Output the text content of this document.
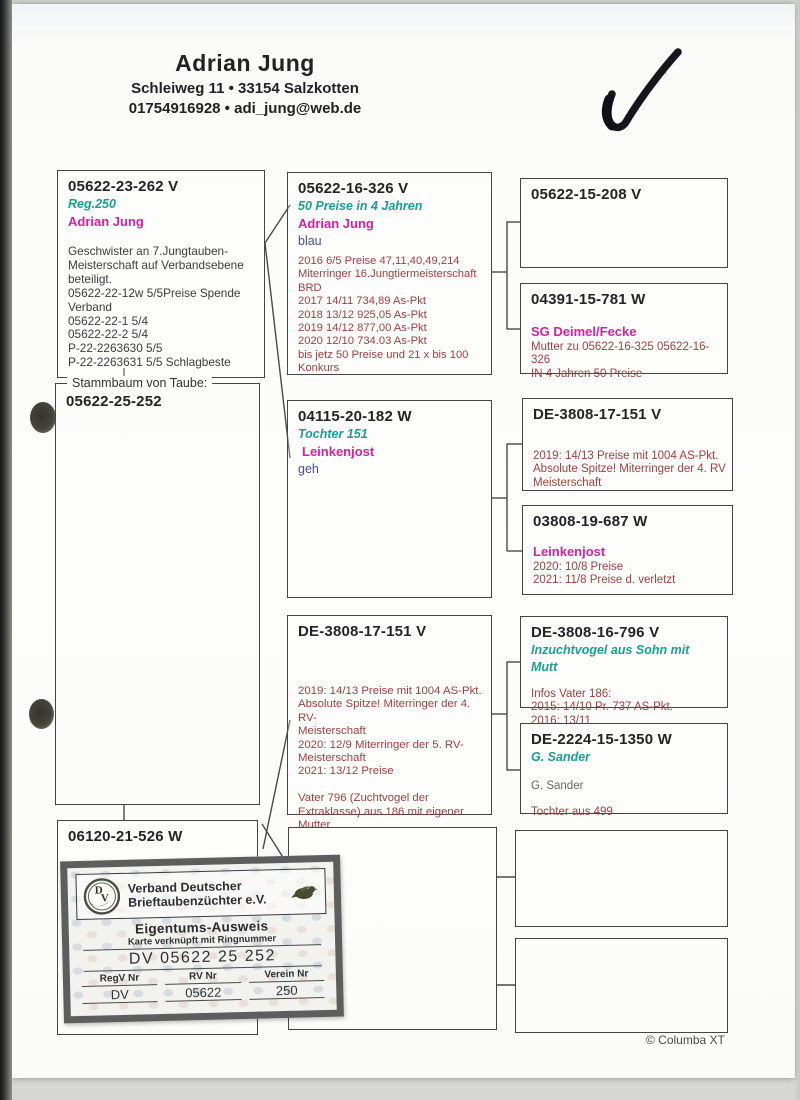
Adrian Jung
Schleiweg 11 • 33154 Salzkotten
01754916928 • adi_jung@web.de
05622-23-262 V
Reg.250
Adrian Jung
Geschwister an 7.Jungtauben-
Meisterschaft auf Verbandsebene
beteiligt.
05622-22-12w 5/5Preise Spende
Verband
05622-22-1 5/4
05622-22-2 5/4
P-22-2263630 5/5
P-22-2263631 5/5 Schlagbeste
Stammbaum von Taube:
05622-25-252
06120-21-526 W
05622-16-326 V
50 Preise in 4 Jahren
Adrian Jung
blau
2016 6/5 Preise 47,11,40,49,214
Miterringer 16.Jungtiermeisterschaft
BRD
2017 14/11 734,89 As-Pkt
2018 13/12 925,05 As-Pkt
2019 14/12 877,00 As-Pkt
2020 12/10 734.03 As-Pkt
bis jetz 50 Preise und 21 x bis 100
Konkurs
04115-20-182 W
Tochter 151
Leinkenjost
geh
DE-3808-17-151 V
2019: 14/13 Preise mit 1004 AS-Pkt.
Absolute Spitze! Miterringer der 4. RV-
Meisterschaft
2020: 12/9 Miterringer der 5. RV-
Meisterschaft
2021: 13/12 Preise
Vater 796 (Zuchtvogel der
Extraklasse) aus 186 mit eigener
Mutter
05622-15-208 V
04391-15-781 W
SG Deimel/Fecke
Mutter zu 05622-16-325 05622-16-
326
IN 4 Jahren 50 Preise
DE-3808-17-151 V
2019: 14/13 Preise mit 1004 AS-Pkt.
Absolute Spitze! Miterringer der 4. RV
Meisterschaft
03808-19-687 W
Leinkenjost
2020: 10/8 Preise
2021: 11/8 Preise d. verletzt
DE-3808-16-796 V
Inzuchtvogel aus Sohn mit Mutt
Infos Vater 186:
2015: 14/10 Pr. 737 AS-Pkt.
2016: 13/11
DE-2224-15-1350 W
G. Sander
G. Sander
Tochter aus 499
D
V
Verband Deutscher
Brieftaubenzüchter e.V.
Eigentums-Ausweis
Karte verknüpft mit Ringnummer
DV 05622 25 252
RegV Nr
DV
RV Nr
05622
Verein Nr
250
© Columba XT
